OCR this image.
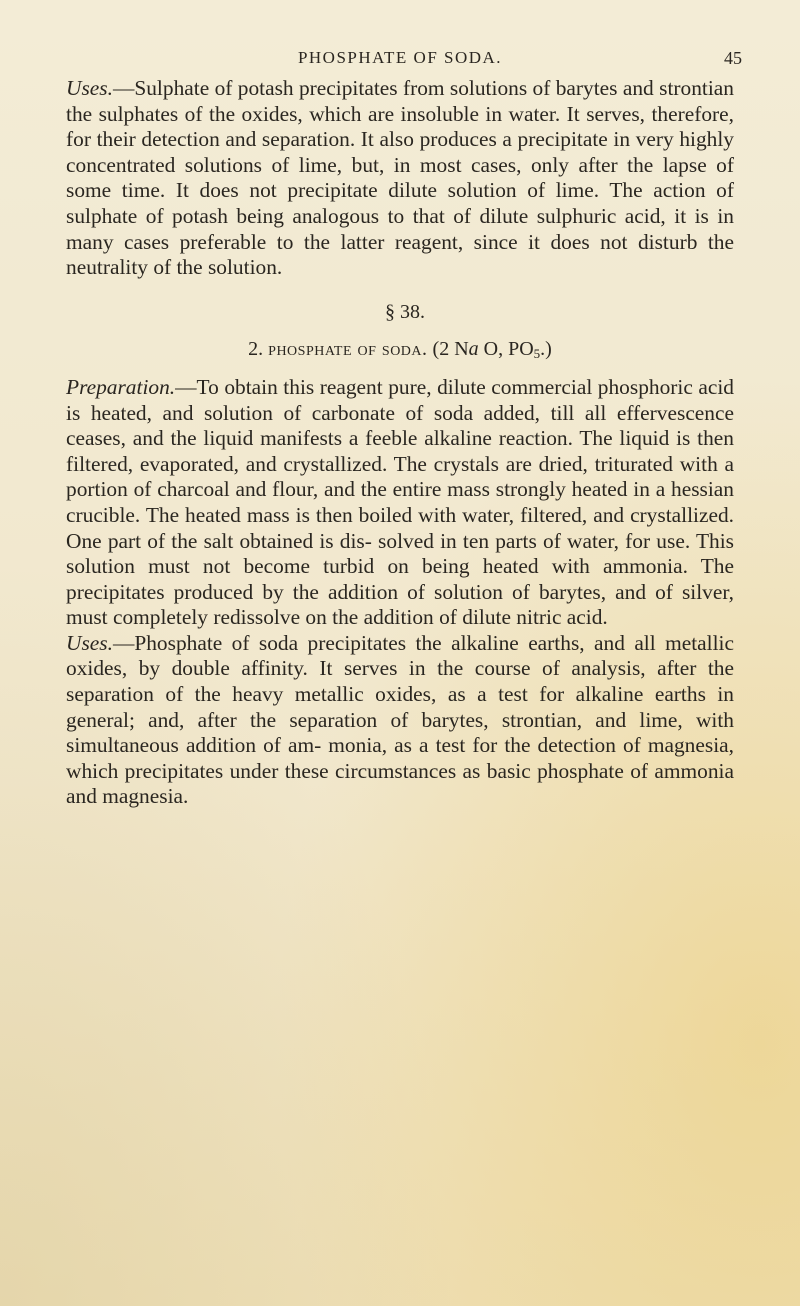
PHOSPHATE OF SODA.	45

Uses.—Sulphate of potash precipitates from solutions of barytes and strontian the sulphates of the oxides, which are insoluble in water. It serves, therefore, for their detection and separation. It also produces a precipitate in very highly concentrated solutions of lime, but, in most cases, only after the lapse of some time. It does not precipitate dilute solution of lime. The action of sulphate of potash being analogous to that of dilute sulphuric acid, it is in many cases preferable to the latter reagent, since it does not disturb the neutrality of the solution.

§ 38.

2. phosphate of soda. (2 Na O, $PO_5$.)

Preparation.—To obtain this reagent pure, dilute commercial phosphoric acid is heated, and solution of carbonate of soda added, till all effervescence ceases, and the liquid manifests a feeble alkaline reaction. The liquid is then filtered, evaporated, and crystallized. The crystals are dried, triturated with a portion of charcoal and flour, and the entire mass strongly heated in a hessian crucible. The heated mass is then boiled with water, filtered, and crystallized. One part of the salt obtained is dis- solved in ten parts of water, for use. This solution must not become turbid on being heated with ammonia. The precipitates produced by the addition of solution of barytes, and of silver, must completely redissolve on the addition of dilute nitric acid.

Uses.—Phosphate of soda precipitates the alkaline earths, and all metallic oxides, by double affinity. It serves in the course of analysis, after the separation of the heavy metallic oxides, as a test for alkaline earths in general; and, after the separation of barytes, strontian, and lime, with simultaneous addition of am- monia, as a test for the detection of magnesia, which precipitates under these circumstances as basic phosphate of ammonia and magnesia.
